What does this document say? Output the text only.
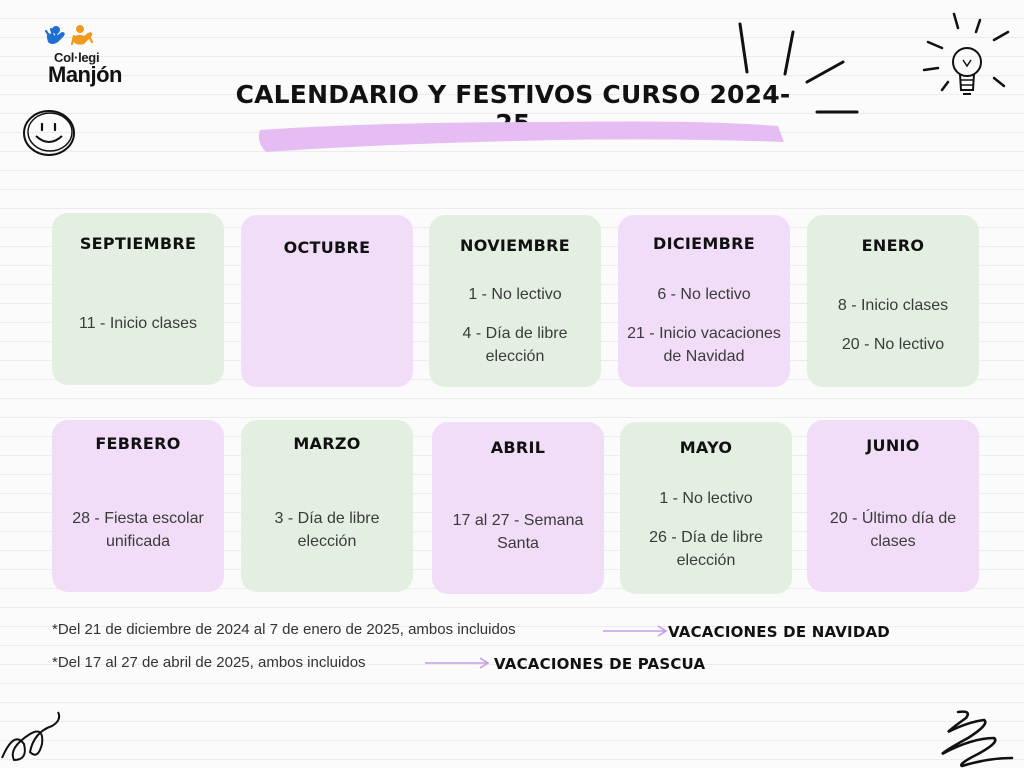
Col·legi
Manjón
CALENDARIO Y FESTIVOS CURSO 2024-
SEPTIEMBRE
11 - Inicio clases
OCTUBRE	NOVIEMBRE
1 - No lectivo
4 - Día de libre elección
DICIEMBRE
6 - No lectivo
21 - Inicio vacaciones de Navidad
ENERO
8 - Inicio clases
20 - No lectivo
FEBRERO
28 - Fiesta escolar unificada
MARZO
3 - Día de libre elección
ABRIL
17 al 27 - Semana Santa
MAYO
1 - No lectivo
26 - Día de libre elección
JUNIO
20 - Último día de clases
*Del 21 de diciembre de 2024 al 7 de enero de 2025, ambos incluidos	VACACIONES DE NAVIDAD
*Del 17 al 27 de abril de 2025, ambos incluidos	VACACIONES DE PASCUA
